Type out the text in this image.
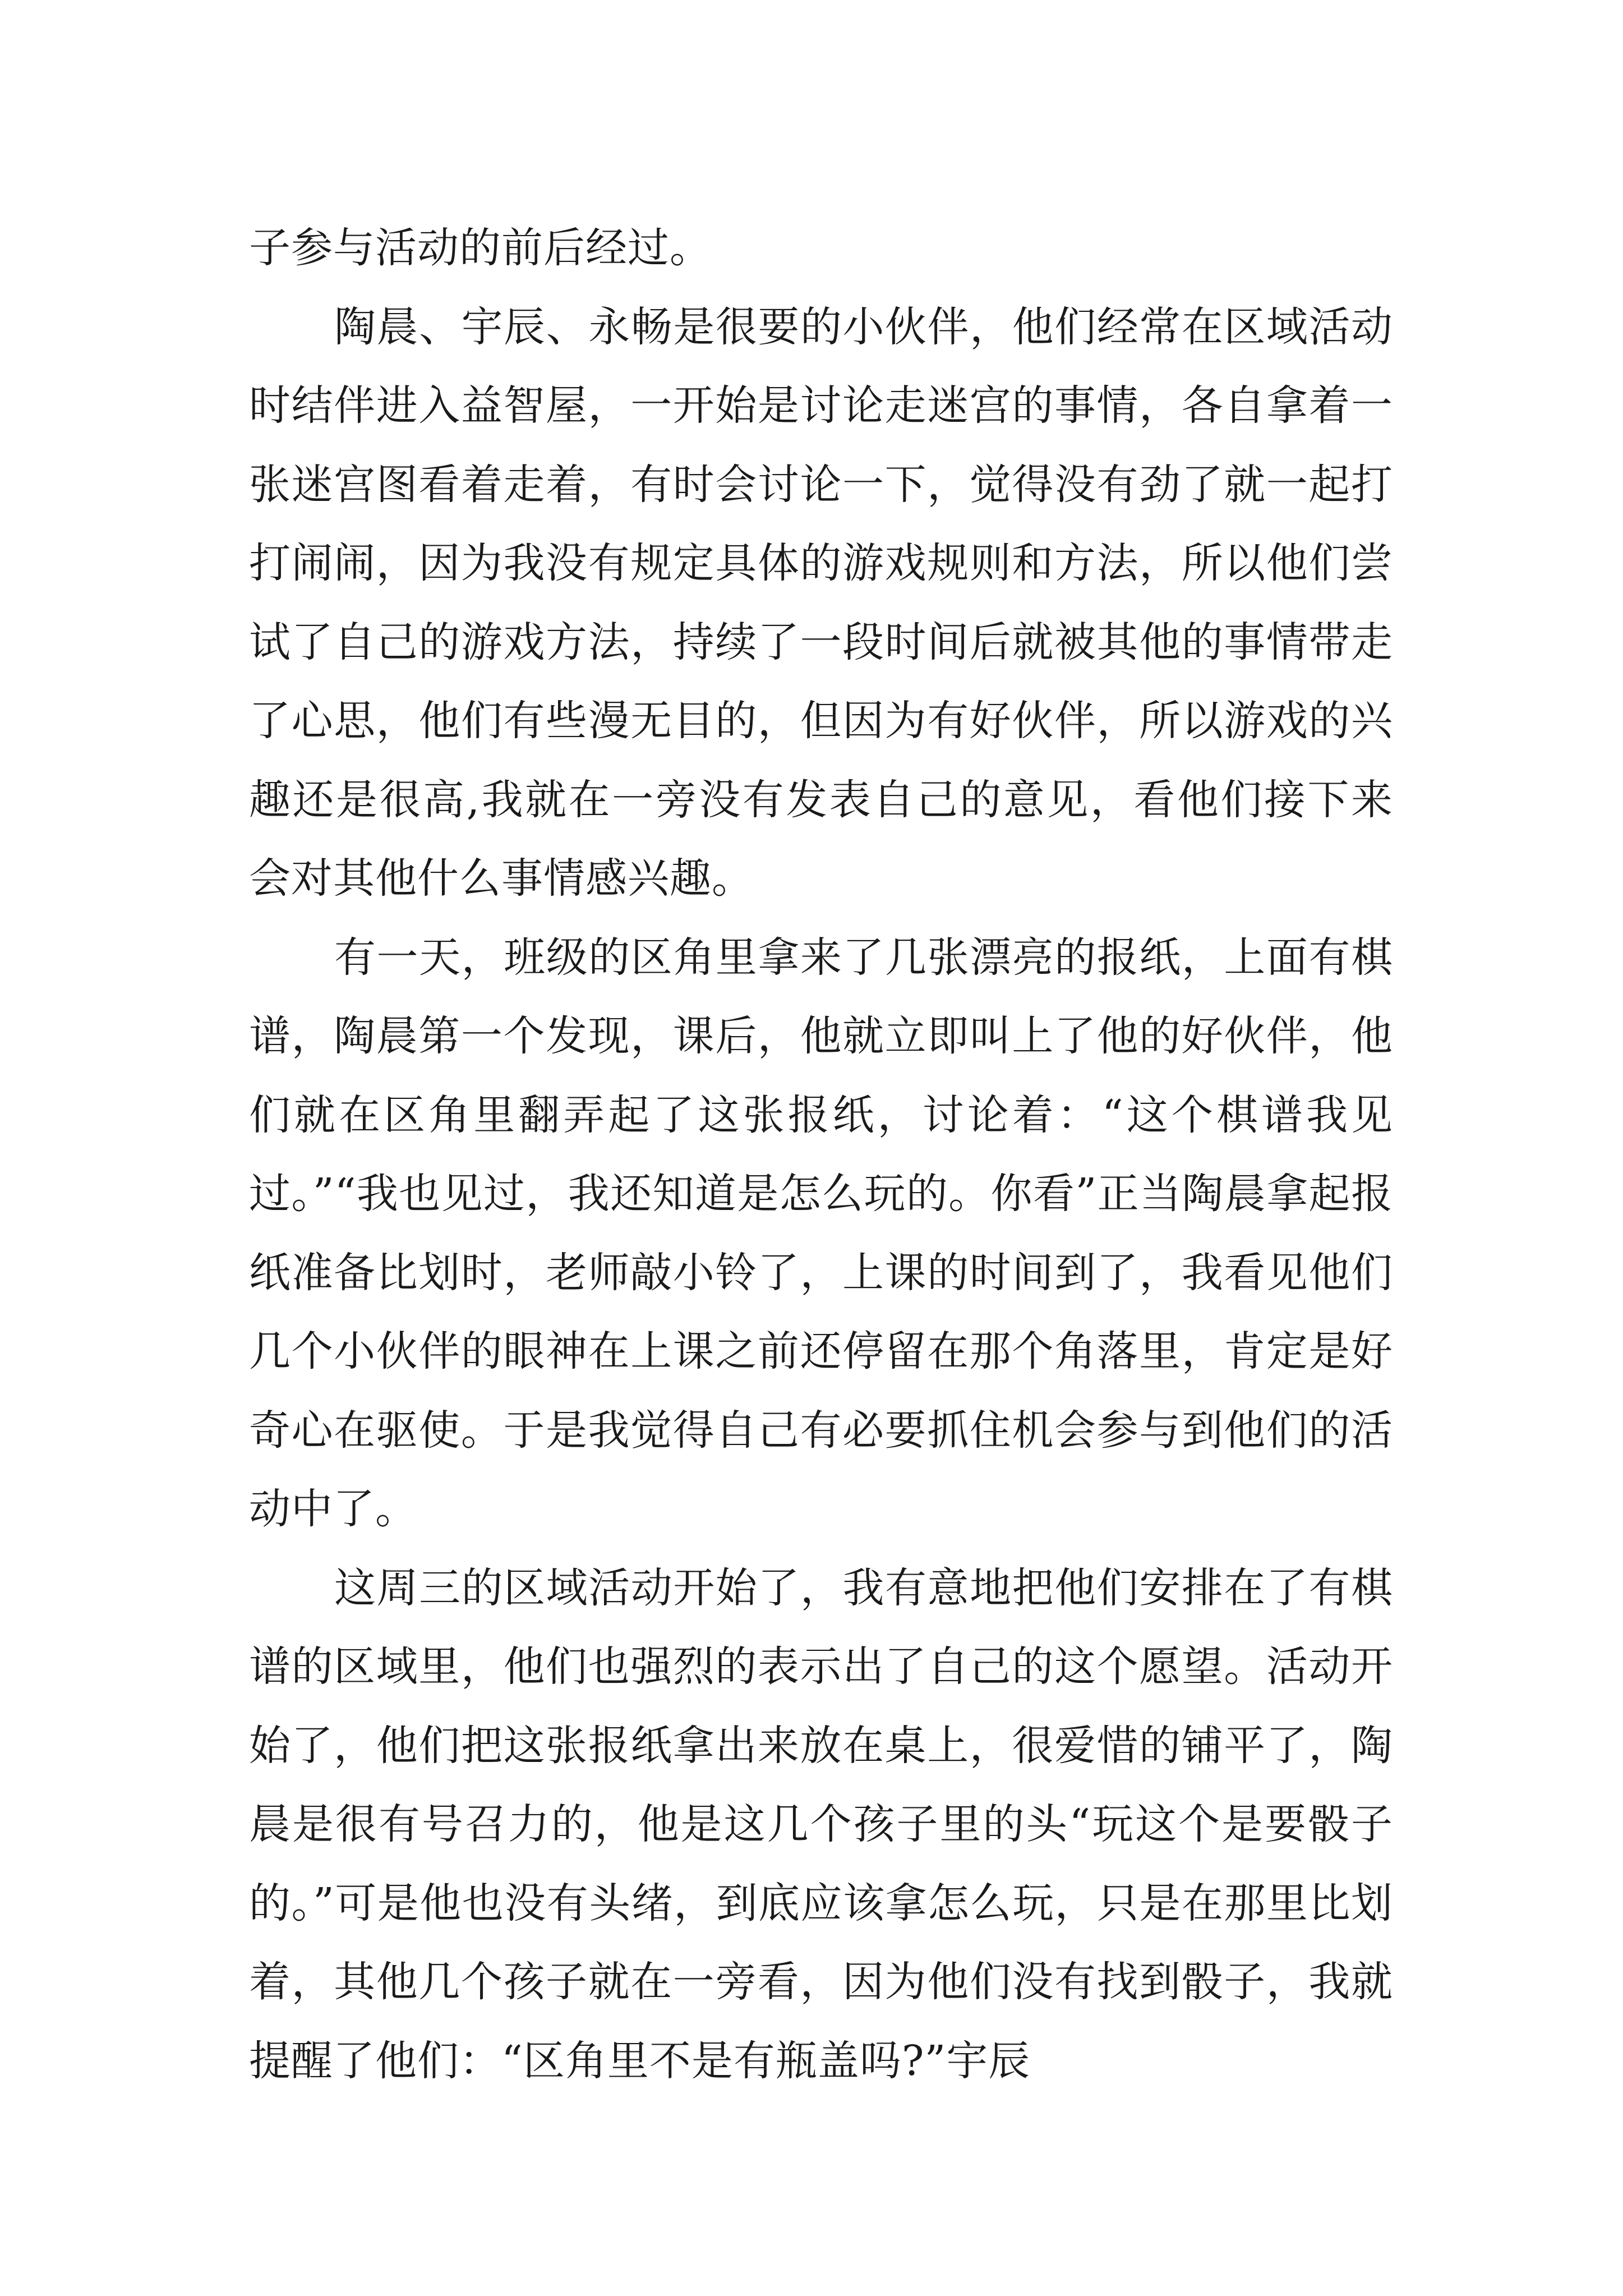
子参与活动的前后经过。

陶晨、宇辰、永畅是很要的小伙伴，他们经常在区域活动时结伴进入益智屋，一开始是讨论走迷宫的事情，各自拿着一张迷宫图看着走着，有时会讨论一下，觉得没有劲了就一起打打闹闹，因为我没有规定具体的游戏规则和方法，所以他们尝试了自己的游戏方法，持续了一段时间后就被其他的事情带走了心思，他们有些漫无目的，但因为有好伙伴，所以游戏的兴趣还是很高,我就在一旁没有发表自己的意见，看他们接下来会对其他什么事情感兴趣。

有一天，班级的区角里拿来了几张漂亮的报纸，上面有棋谱，陶晨第一个发现，课后，他就立即叫上了他的好伙伴，他们就在区角里翻弄起了这张报纸，讨论着：“这个棋谱我见过。”“我也见过，我还知道是怎么玩的。你看”正当陶晨拿起报纸准备比划时，老师敲小铃了，上课的时间到了，我看见他们几个小伙伴的眼神在上课之前还停留在那个角落里，肯定是好奇心在驱使。于是我觉得自己有必要抓住机会参与到他们的活动中了。

这周三的区域活动开始了，我有意地把他们安排在了有棋谱的区域里，他们也强烈的表示出了自己的这个愿望。活动开始了，他们把这张报纸拿出来放在桌上，很爱惜的铺平了，陶晨是很有号召力的，他是这几个孩子里的头“玩这个是要骰子的。”可是他也没有头绪，到底应该拿怎么玩，只是在那里比划着，其他几个孩子就在一旁看，因为他们没有找到骰子，我就提醒了他们：“区角里不是有瓶盖吗?”宇辰
